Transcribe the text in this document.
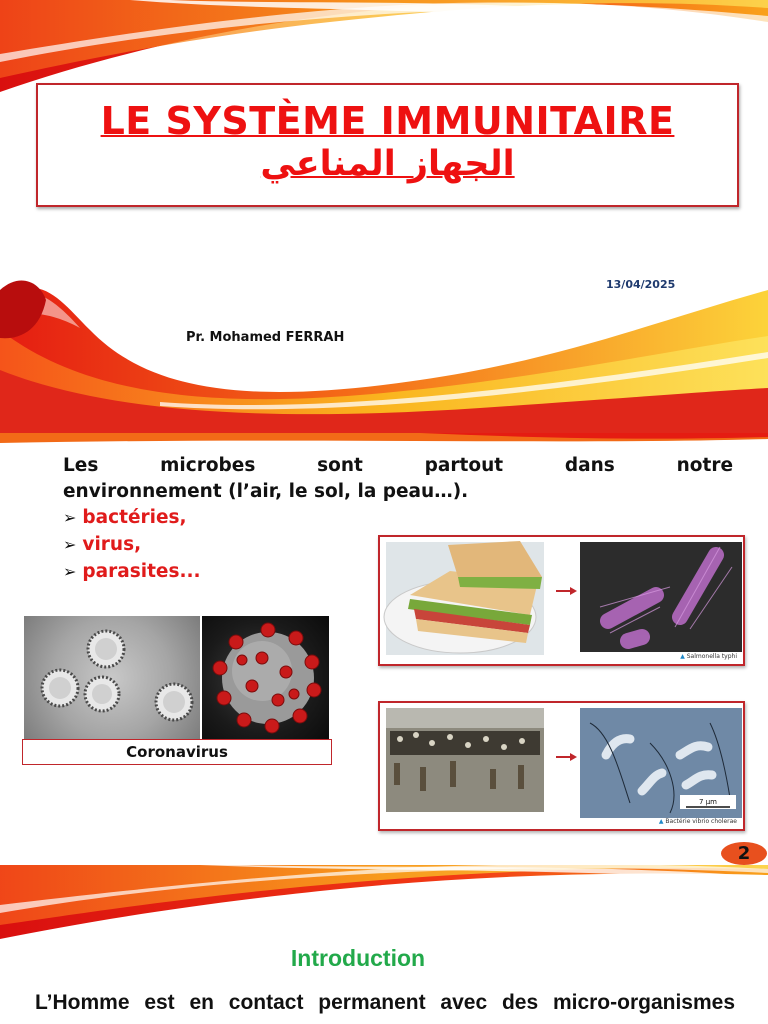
LE SYSTÈME IMMUNITAIRE
الجهاز المناعي
13/04/2025
Pr. Mohamed FERRAH
Les microbes sont partout dans notre
environnement (l’air, le sol, la peau…).
➢ bactéries,
➢ virus,
➢ parasites...
Coronavirus
▲ Salmonella typhi
7 µm
▲ Bactérie vibrio cholerae
2
Introduction
L’Homme est en contact permanent avec des micro-organismes
